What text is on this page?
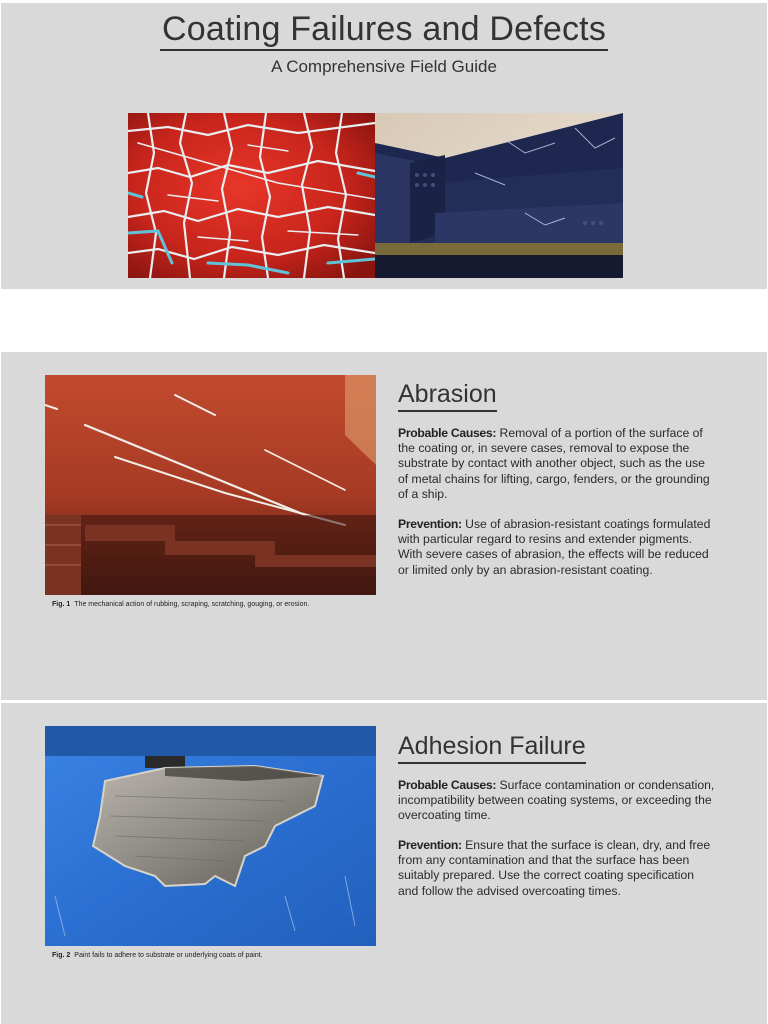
Coating Failures and Defects
A Comprehensive Field Guide
Fig. 1 The mechanical action of rubbing, scraping, scratching, gouging, or erosion.
Abrasion
Probable Causes: Removal of a portion of the surface of the coating or, in severe cases, removal to expose the substrate by contact with another object, such as the use of metal chains for lifting, cargo, fenders, or the grounding of a ship.
Prevention: Use of abrasion-resistant coatings formulated with particular regard to resins and extender pigments. With severe cases of abrasion, the effects will be reduced or limited only by an abrasion-resistant coating.
Fig. 2 Paint fails to adhere to substrate or underlying coats of paint.
Adhesion Failure
Probable Causes: Surface contamination or condensation, incompatibility between coating systems, or exceeding the overcoating time.
Prevention: Ensure that the surface is clean, dry, and free from any contamination and that the surface has been suitably prepared. Use the correct coating specification and follow the advised overcoating times.
